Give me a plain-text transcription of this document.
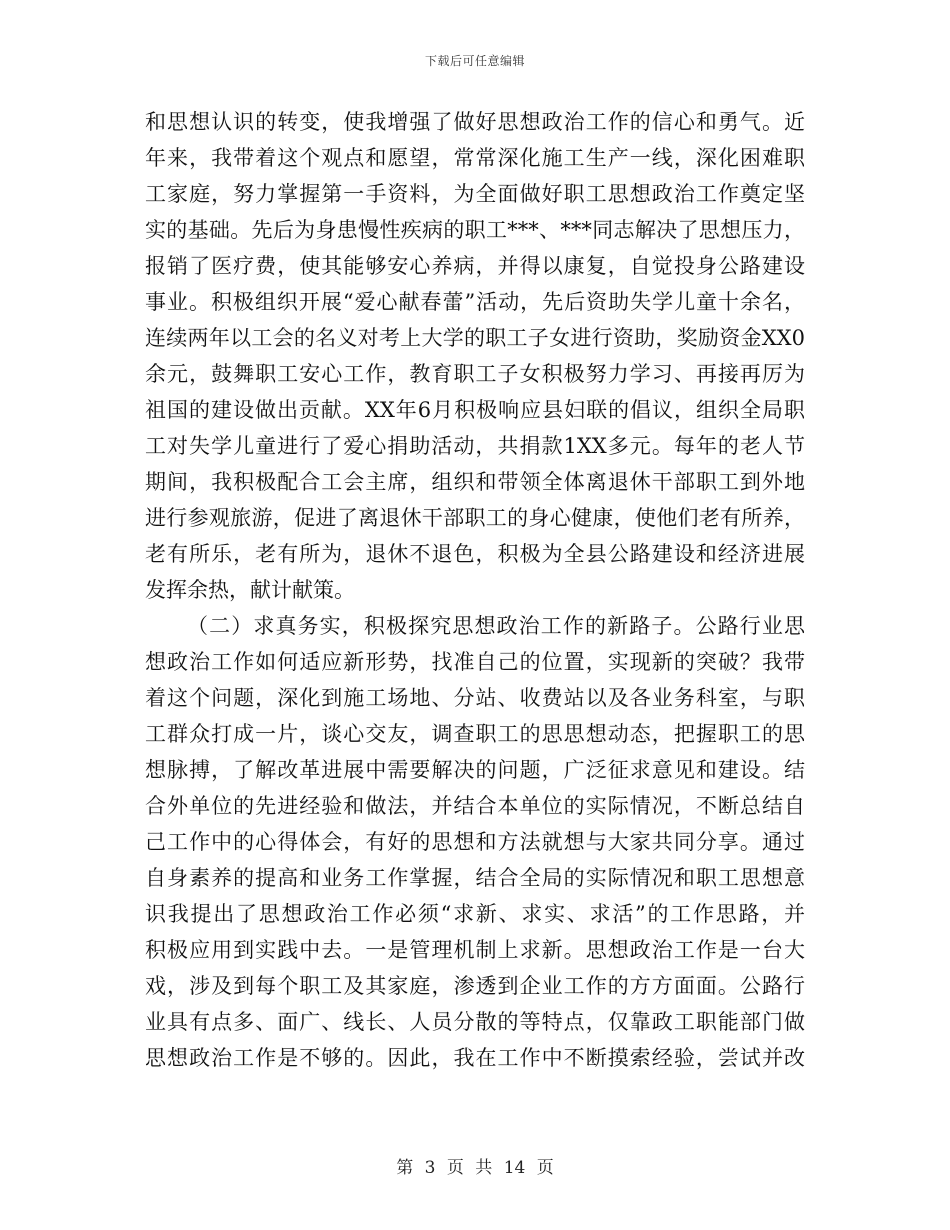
下载后可任意编辑
和思想认识的转变，使我增强了做好思想政治工作的信心和勇气。近
年来，我带着这个观点和愿望，常常深化施工生产一线，深化困难职
工家庭，努力掌握第一手资料，为全面做好职工思想政治工作奠定坚
实的基础。先后为身患慢性疾病的职工***、***同志解决了思想压力，
报销了医疗费，使其能够安心养病，并得以康复，自觉投身公路建设
事业。积极组织开展“爱心献春蕾”活动，先后资助失学儿童十余名，
连续两年以工会的名义对考上大学的职工子女进行资助，奖励资金XX0
余元，鼓舞职工安心工作，教育职工子女积极努力学习、再接再厉为
祖国的建设做出贡献。XX年6月积极响应县妇联的倡议，组织全局职
工对失学儿童进行了爱心捐助活动，共捐款1XX多元。每年的老人节
期间，我积极配合工会主席，组织和带领全体离退休干部职工到外地
进行参观旅游，促进了离退休干部职工的身心健康，使他们老有所养，
老有所乐，老有所为，退休不退色，积极为全县公路建设和经济进展
发挥余热，献计献策。
（二）求真务实，积极探究思想政治工作的新路子。公路行业思
想政治工作如何适应新形势，找准自己的位置，实现新的突破？我带
着这个问题，深化到施工场地、分站、收费站以及各业务科室，与职
工群众打成一片，谈心交友，调查职工的思思想动态，把握职工的思
想脉搏，了解改革进展中需要解决的问题，广泛征求意见和建设。结
合外单位的先进经验和做法，并结合本单位的实际情况，不断总结自
己工作中的心得体会，有好的思想和方法就想与大家共同分享。通过
自身素养的提高和业务工作掌握，结合全局的实际情况和职工思想意
识我提出了思想政治工作必须“求新、求实、求活”的工作思路，并
积极应用到实践中去。一是管理机制上求新。思想政治工作是一台大
戏，涉及到每个职工及其家庭，渗透到企业工作的方方面面。公路行
业具有点多、面广、线长、人员分散的等特点，仅靠政工职能部门做
思想政治工作是不够的。因此，我在工作中不断摸索经验，尝试并改
第 3 页 共 14 页
